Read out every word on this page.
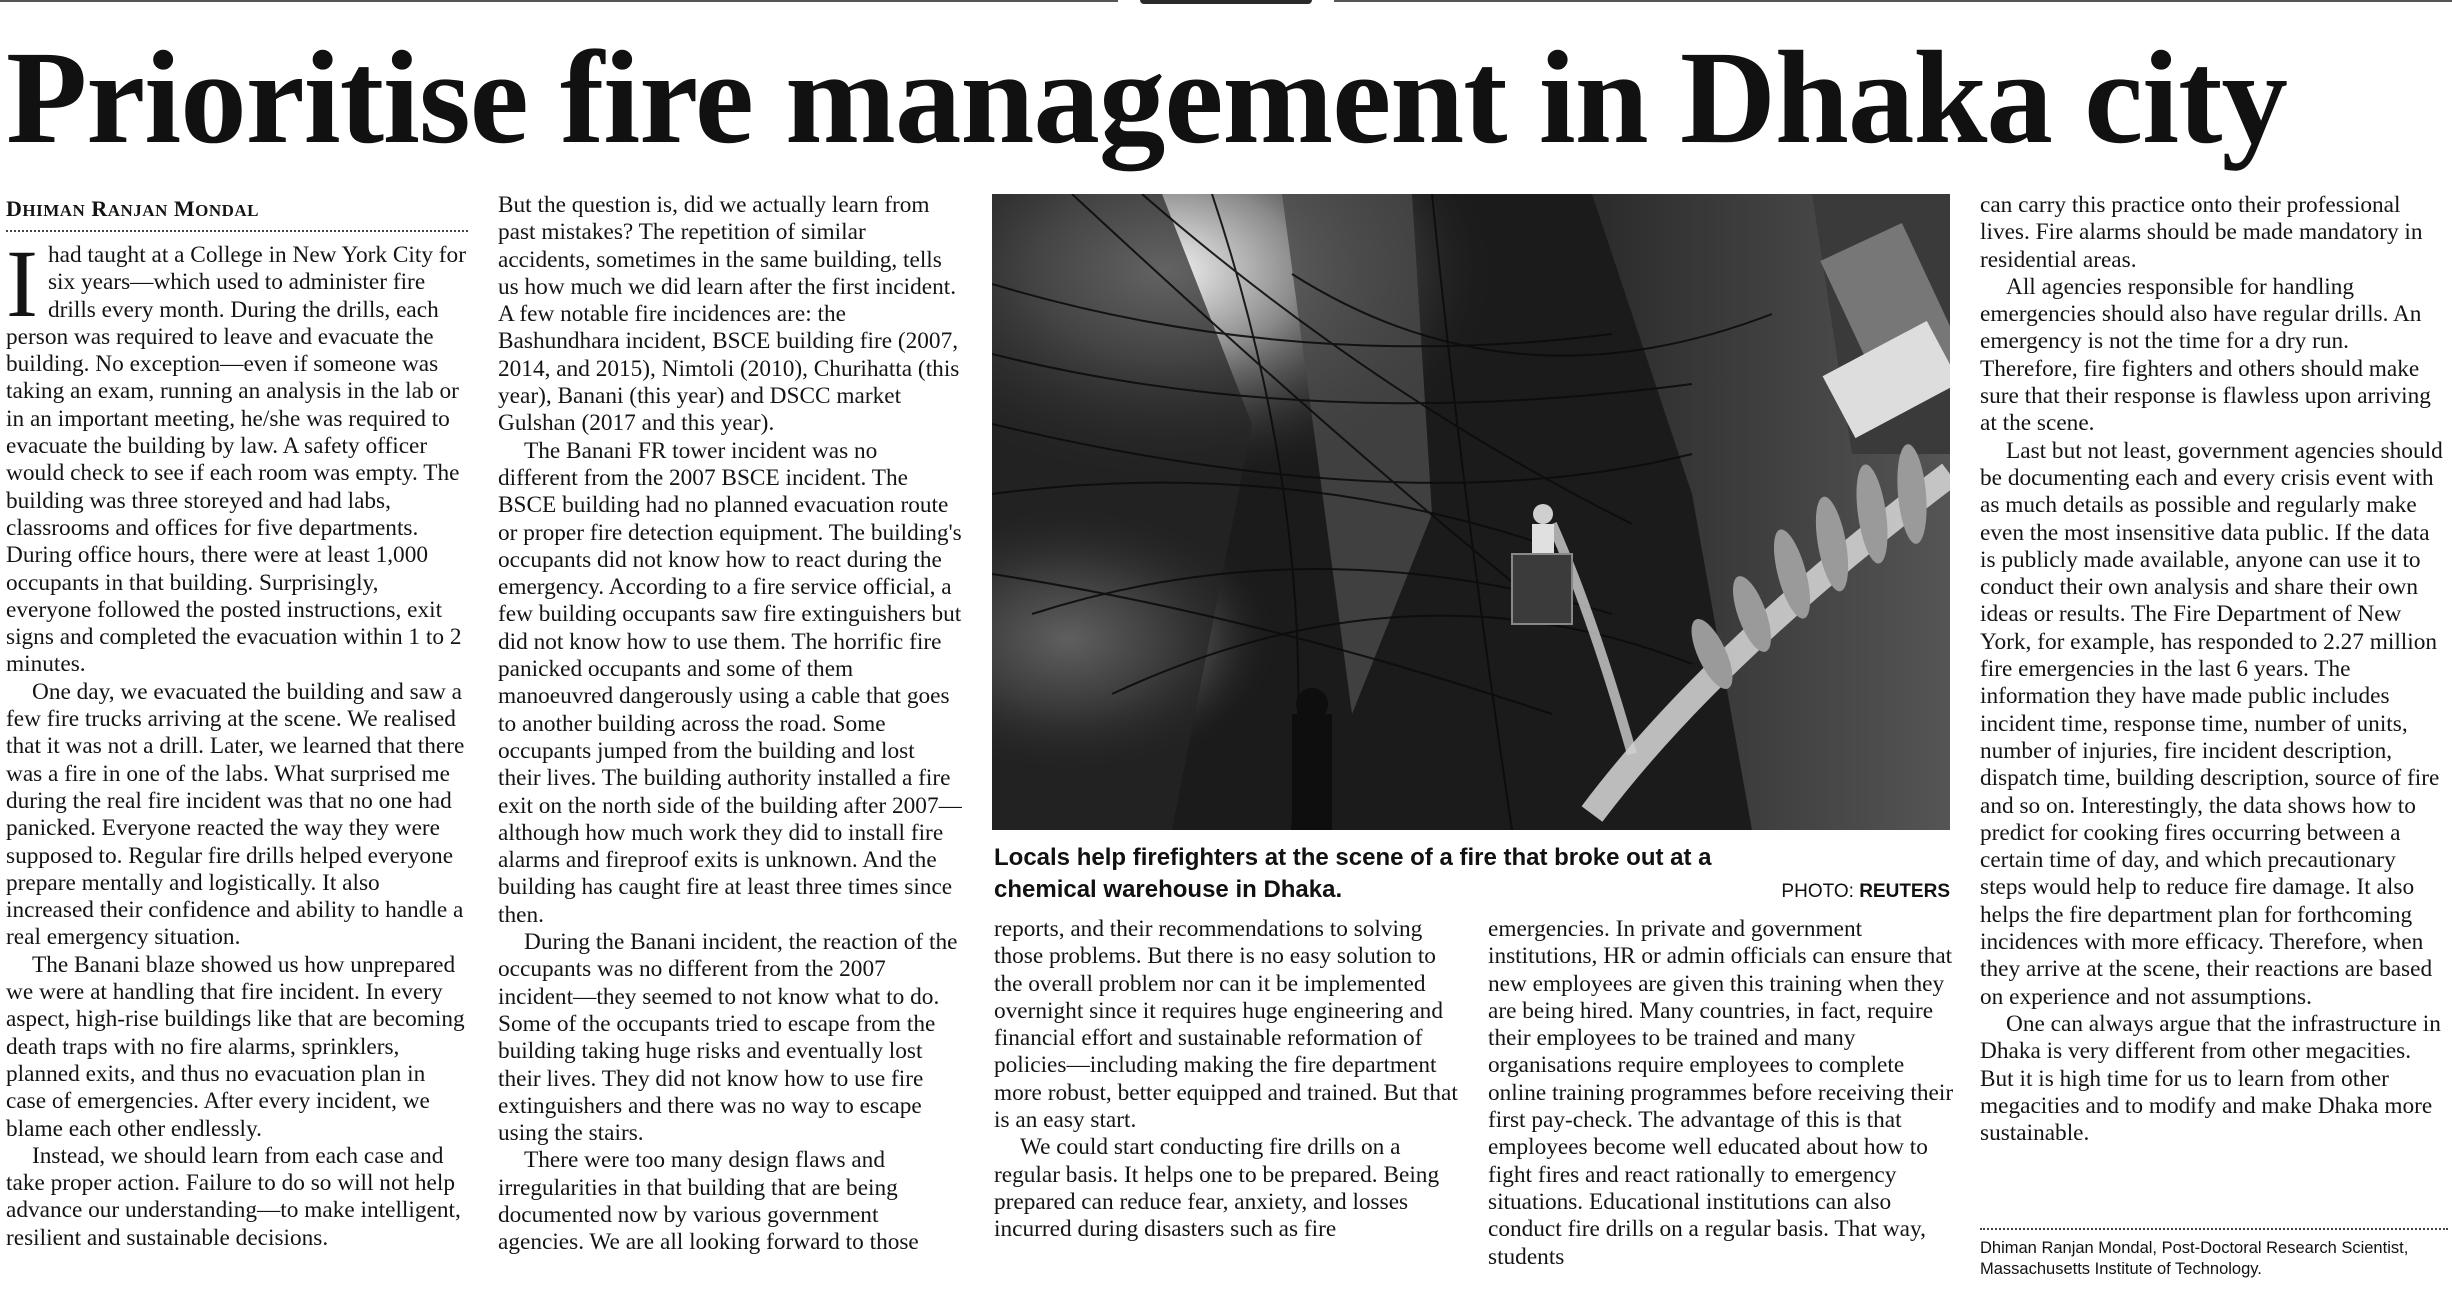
Prioritise fire management in Dhaka city
DHIMAN RANJAN MONDAL

I had taught at a College in New York City for six years—which used to administer fire drills every month. During the drills, each person was required to leave and evacuate the building. No exception—even if someone was taking an exam, running an analysis in the lab or in an important meeting, he/she was required to evacuate the building by law. A safety officer would check to see if each room was empty. The building was three storeyed and had labs, classrooms and offices for five departments. During office hours, there were at least 1,000 occupants in that building. Surprisingly, everyone followed the posted instructions, exit signs and completed the evacuation within 1 to 2 minutes.

One day, we evacuated the building and saw a few fire trucks arriving at the scene. We realised that it was not a drill. Later, we learned that there was a fire in one of the labs. What surprised me during the real fire incident was that no one had panicked. Everyone reacted the way they were supposed to. Regular fire drills helped everyone prepare mentally and logistically. It also increased their confidence and ability to handle a real emergency situation.

The Banani blaze showed us how unprepared we were at handling that fire incident. In every aspect, high-rise buildings like that are becoming death traps with no fire alarms, sprinklers, planned exits, and thus no evacuation plan in case of emergencies. After every incident, we blame each other endlessly.

Instead, we should learn from each case and take proper action. Failure to do so will not help advance our understanding—to make intelligent, resilient and sustainable decisions.

But the question is, did we actually learn from past mistakes? The repetition of similar accidents, sometimes in the same building, tells us how much we did learn after the first incident. A few notable fire incidences are: the Bashundhara incident, BSCE building fire (2007, 2014, and 2015), Nimtoli (2010), Churihatta (this year), Banani (this year) and DSCC market Gulshan (2017 and this year).

The Banani FR tower incident was no different from the 2007 BSCE incident. The BSCE building had no planned evacuation route or proper fire detection equipment. The building's occupants did not know how to react during the emergency. According to a fire service official, a few building occupants saw fire extinguishers but did not know how to use them. The horrific fire panicked occupants and some of them manoeuvred dangerously using a cable that goes to another building across the road. Some occupants jumped from the building and lost their lives. The building authority installed a fire exit on the north side of the building after 2007—although how much work they did to install fire alarms and fireproof exits is unknown. And the building has caught fire at least three times since then.

During the Banani incident, the reaction of the occupants was no different from the 2007 incident—they seemed to not know what to do. Some of the occupants tried to escape from the building taking huge risks and eventually lost their lives. They did not know how to use fire extinguishers and there was no way to escape using the stairs.

There were too many design flaws and irregularities in that building that are being documented now by various government agencies. We are all looking forward to those

Locals help firefighters at the scene of a fire that broke out at a chemical warehouse in Dhaka.	PHOTO: REUTERS

reports, and their recommendations to solving those problems. But there is no easy solution to the overall problem nor can it be implemented overnight since it requires huge engineering and financial effort and sustainable reformation of policies—including making the fire department more robust, better equipped and trained. But that is an easy start.

We could start conducting fire drills on a regular basis. It helps one to be prepared. Being prepared can reduce fear, anxiety, and losses incurred during disasters such as fire

emergencies. In private and government institutions, HR or admin officials can ensure that new employees are given this training when they are being hired. Many countries, in fact, require their employees to be trained and many organisations require employees to complete online training programmes before receiving their first pay-check. The advantage of this is that employees become well educated about how to fight fires and react rationally to emergency situations. Educational institutions can also conduct fire drills on a regular basis. That way, students

can carry this practice onto their professional lives. Fire alarms should be made mandatory in residential areas.

All agencies responsible for handling emergencies should also have regular drills. An emergency is not the time for a dry run. Therefore, fire fighters and others should make sure that their response is flawless upon arriving at the scene.

Last but not least, government agencies should be documenting each and every crisis event with as much details as possible and regularly make even the most insensitive data public. If the data is publicly made available, anyone can use it to conduct their own analysis and share their own ideas or results. The Fire Department of New York, for example, has responded to 2.27 million fire emergencies in the last 6 years. The information they have made public includes incident time, response time, number of units, number of injuries, fire incident description, dispatch time, building description, source of fire and so on. Interestingly, the data shows how to predict for cooking fires occurring between a certain time of day, and which precautionary steps would help to reduce fire damage. It also helps the fire department plan for forthcoming incidences with more efficacy. Therefore, when they arrive at the scene, their reactions are based on experience and not assumptions.

One can always argue that the infrastructure in Dhaka is very different from other megacities. But it is high time for us to learn from other megacities and to modify and make Dhaka more sustainable.

Dhiman Ranjan Mondal, Post-Doctoral Research Scientist, Massachusetts Institute of Technology.
